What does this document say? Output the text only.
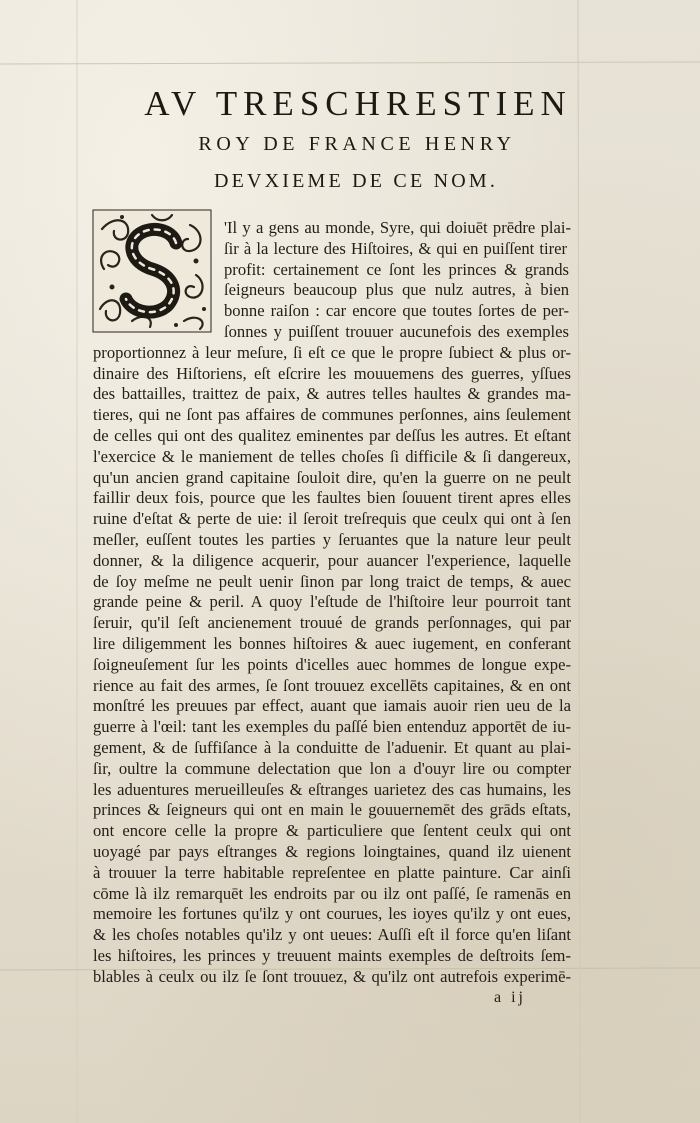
AV TRESCHRESTIEN
ROY DE FRANCE HENRY
DEVXIEME DE CE NOM.
'Il y a gens au monde, Syre, qui doiuēt prēdre plai-
ſir à la lecture des Hiſtoires, & qui en puiſſent tirer
profit: certainement ce ſont les princes & grands
ſeigneurs beaucoup plus que nulz autres, à bien
bonne raiſon : car encore que toutes ſortes de per-
ſonnes y puiſſent trouuer aucunefois des exemples
proportionnez à leur meſure, ſi eſt ce que le propre ſubiect & plus or-
dinaire des Hiſtoriens, eſt eſcrire les mouuemens des guerres, yſſues
des battailles, traittez de paix, & autres telles haultes & grandes ma-
tieres, qui ne ſont pas affaires de communes perſonnes, ains ſeulement
de celles qui ont des qualitez eminentes par deſſus les autres. Et eſtant
l'exercice & le maniement de telles choſes ſi difficile & ſi dangereux,
qu'un ancien grand capitaine ſouloit dire, qu'en la guerre on ne peult
faillir deux fois, pource que les faultes bien ſouuent tirent apres elles
ruine d'eſtat & perte de uie: il ſeroit treſrequis que ceulx qui ont à ſen
meſler, euſſent toutes les parties y ſeruantes que la nature leur peult
donner, & la diligence acquerir, pour auancer l'experience, laquelle
de ſoy meſme ne peult uenir ſinon par long traict de temps, & auec
grande peine & peril. A quoy l'eſtude de l'hiſtoire leur pourroit tant
ſeruir, qu'il ſeſt ancienement trouué de grands perſonnages, qui par
lire diligemment les bonnes hiſtoires & auec iugement, en conferant
ſoigneuſement ſur les points d'icelles auec hommes de longue expe-
rience au fait des armes, ſe ſont trouuez excellēts capitaines, & en ont
monſtré les preuues par effect, auant que iamais auoir rien ueu de la
guerre à l'œil: tant les exemples du paſſé bien entenduz apportēt de iu-
gement, & de ſuffiſance à la conduitte de l'aduenir. Et quant au plai-
ſir, oultre la commune delectation que lon a d'ouyr lire ou compter
les aduentures merueilleuſes & eſtranges uarietez des cas humains, les
princes & ſeigneurs qui ont en main le gouuernemēt des grāds eſtats,
ont encore celle la propre & particuliere que ſentent ceulx qui ont
uoyagé par pays eſtranges & regions loingtaines, quand ilz uienent
à trouuer la terre habitable repreſentee en platte painture. Car ainſi
cōme là ilz remarquēt les endroits par ou ilz ont paſſé, ſe ramenās en
memoire les fortunes qu'ilz y ont courues, les ioyes qu'ilz y ont eues,
& les choſes notables qu'ilz y ont ueues: Auſſi eſt il force qu'en liſant
les hiſtoires, les princes y treuuent maints exemples de deſtroits ſem-
blables à ceulx ou ilz ſe ſont trouuez, & qu'ilz ont autrefois experimē-
a ij
